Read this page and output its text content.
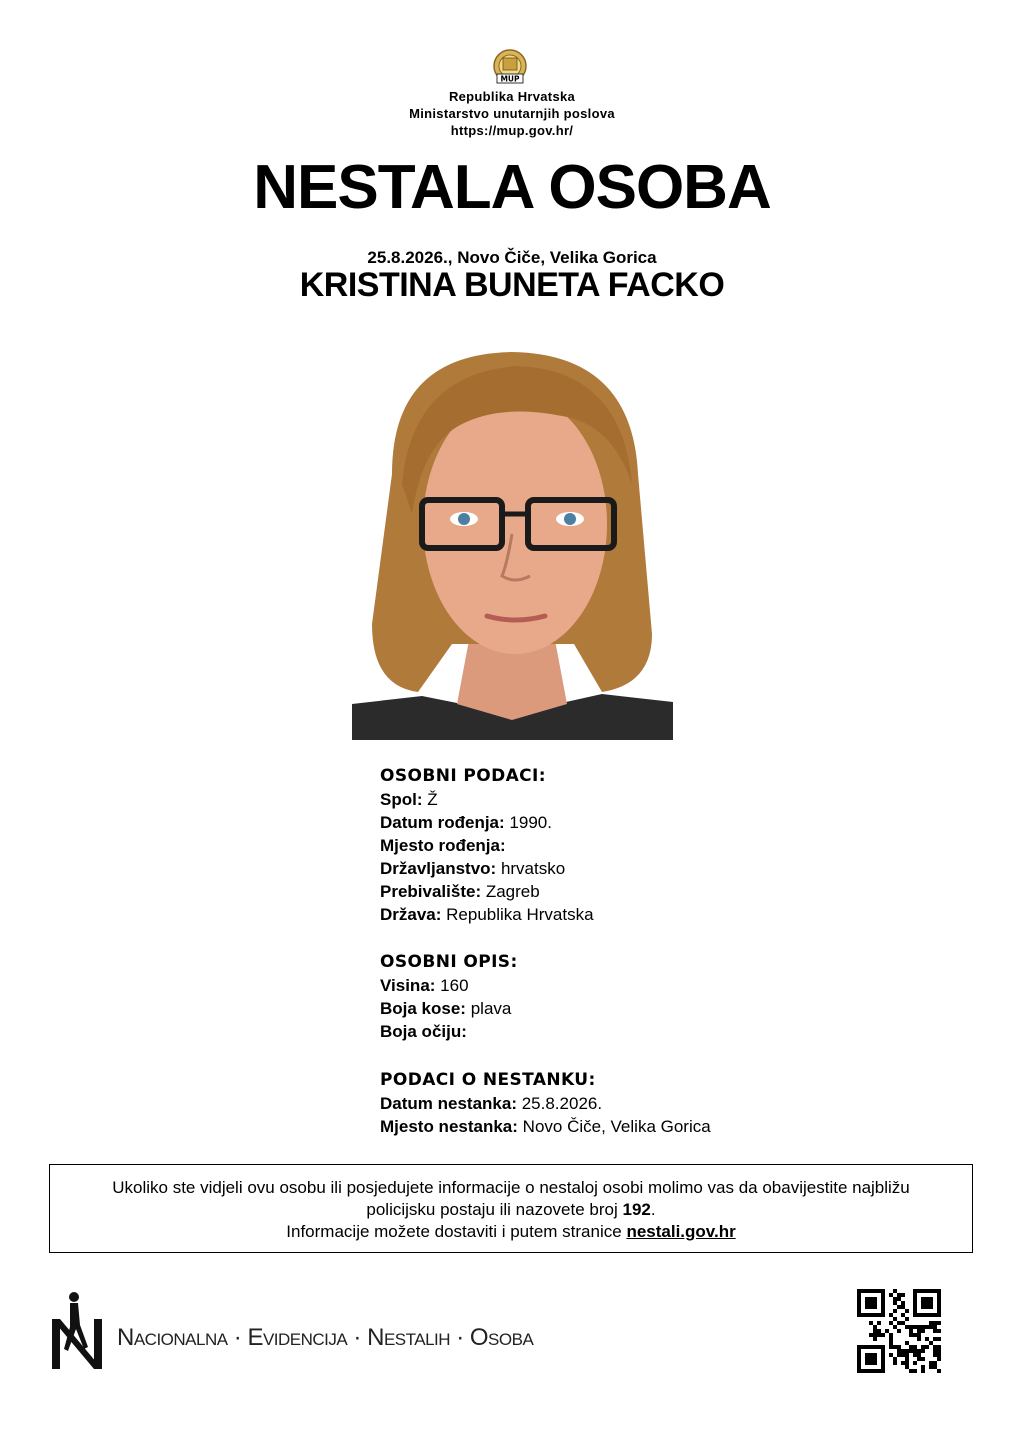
MUP
Republika Hrvatska
Ministarstvo unutarnjih poslova
https://mup.gov.hr/
NESTALA OSOBA
25.8.2026., Novo Čiče, Velika Gorica
KRISTINA BUNETA FACKO
OSOBNI PODACI:
Spol: Ž
Datum rođenja: 1990.
Mjesto rođenja:
Državljanstvo: hrvatsko
Prebivalište: Zagreb
Država: Republika Hrvatska
OSOBNI OPIS:
Visina: 160
Boja kose: plava
Boja očiju:
PODACI O NESTANKU:
Datum nestanka: 25.8.2026.
Mjesto nestanka: Novo Čiče, Velika Gorica
Ukoliko ste vidjeli ovu osobu ili posjedujete informacije o nestaloj osobi molimo vas da obavijestite najbližu
policijsku postaju ili nazovete broj 192.
Informacije možete dostaviti i putem stranice nestali.gov.hr
NACIONALNA · EVIDENCIJA · NESTALIH · OSOBA
